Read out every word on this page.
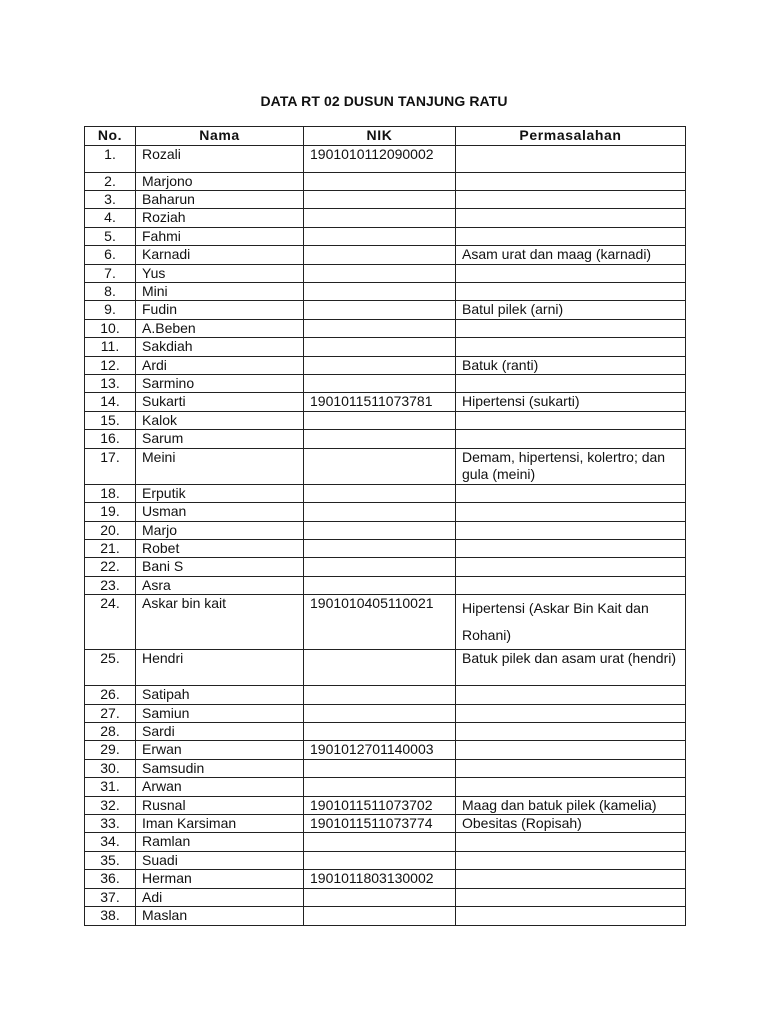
DATA RT 02 DUSUN TANJUNG RATU
No.	Nama	NIK	Permasalahan
1.	Rozali	1901010112090002	
2.	Marjono		
3.	Baharun		
4.	Roziah		
5.	Fahmi		
6.	Karnadi		Asam urat dan maag (karnadi)
7.	Yus		
8.	Mini		
9.	Fudin		Batul pilek (arni)
10.	A.Beben		
11.	Sakdiah		
12.	Ardi		Batuk (ranti)
13.	Sarmino		
14.	Sukarti	1901011511073781	Hipertensi (sukarti)
15.	Kalok		
16.	Sarum		
17.	Meini		Demam, hipertensi, kolertro; dan gula (meini)
18.	Erputik		
19.	Usman		
20.	Marjo		
21.	Robet		
22.	Bani S		
23.	Asra		
24.	Askar bin kait	1901010405110021	Hipertensi (Askar Bin Kait dan Rohani)
25.	Hendri		Batuk pilek dan asam urat (hendri)
26.	Satipah		
27.	Samiun		
28.	Sardi		
29.	Erwan	1901012701140003	
30.	Samsudin		
31.	Arwan		
32.	Rusnal	1901011511073702	Maag dan batuk pilek (kamelia)
33.	Iman Karsiman	1901011511073774	Obesitas (Ropisah)
34.	Ramlan		
35.	Suadi		
36.	Herman	1901011803130002	
37.	Adi		
38.	Maslan		
